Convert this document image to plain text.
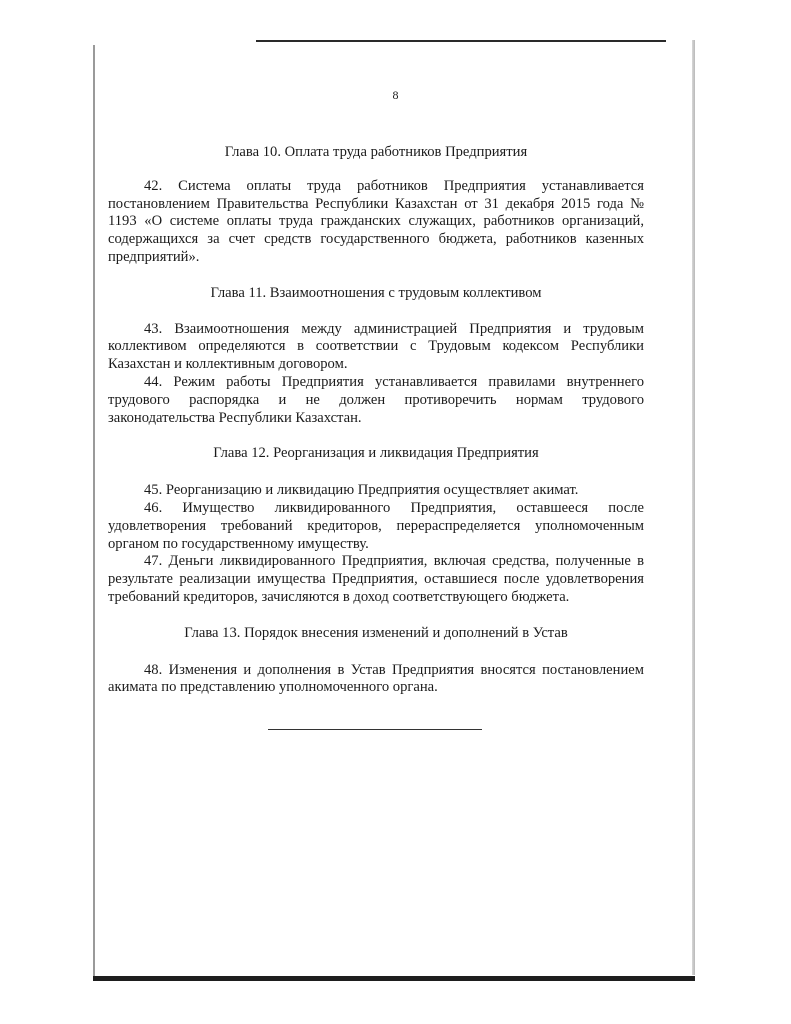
8

Глава 10. Оплата труда работников Предприятия

42. Система оплаты труда работников Предприятия устанавливается постановлением Правительства Республики Казахстан от 31 декабря 2015 года № 1193 «О системе оплаты труда гражданских служащих, работников организаций, содержащихся за счет средств государственного бюджета, работников казенных предприятий».

Глава 11. Взаимоотношения с трудовым коллективом

43. Взаимоотношения между администрацией Предприятия и трудовым коллективом определяются в соответствии с Трудовым кодексом Республики Казахстан и коллективным договором.

44. Режим работы Предприятия устанавливается правилами внутреннего трудового распорядка и не должен противоречить нормам трудового законодательства Республики Казахстан.

Глава 12. Реорганизация и ликвидация Предприятия

45. Реорганизацию и ликвидацию Предприятия осуществляет акимат.

46. Имущество ликвидированного Предприятия, оставшееся после удовлетворения требований кредиторов, перераспределяется уполномоченным органом по государственному имуществу.

47. Деньги ликвидированного Предприятия, включая средства, полученные в результате реализации имущества Предприятия, оставшиеся после удовлетворения требований кредиторов, зачисляются в доход соответствующего бюджета.

Глава 13. Порядок внесения изменений и дополнений в Устав

48. Изменения и дополнения в Устав Предприятия вносятся постановлением акимата по представлению уполномоченного органа.
